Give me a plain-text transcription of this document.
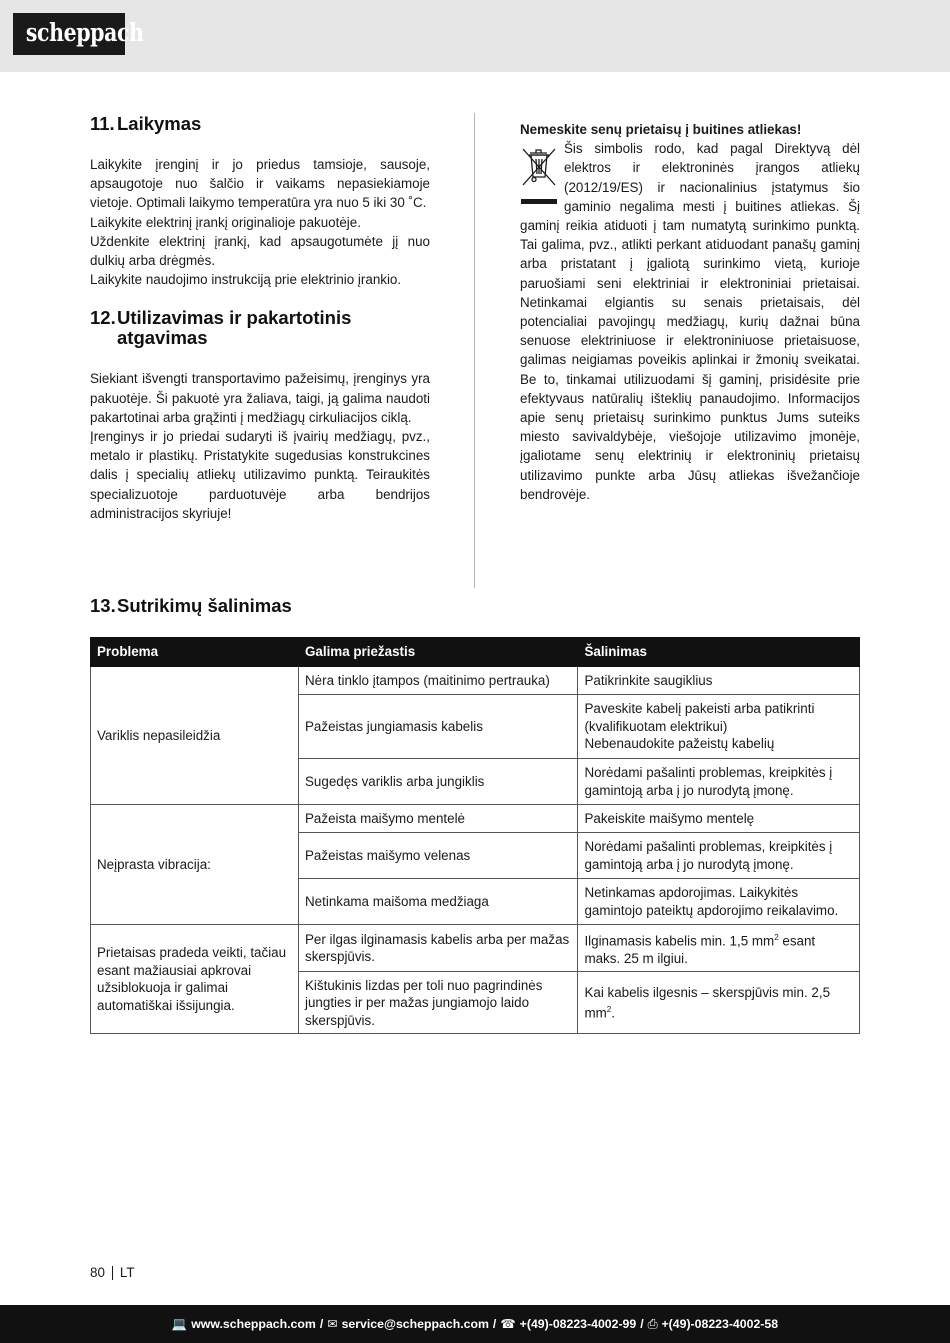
scheppach
11. Laikymas

Laikykite įrenginį ir jo priedus tamsioje, sausoje, apsaugotoje nuo šalčio ir vaikams nepasiekiamoje vietoje. Optimali laikymo temperatūra yra nuo 5 iki 30 ˚C.

Laikykite elektrinį įrankį originalioje pakuotėje.

Uždenkite elektrinį įrankį, kad apsaugotumėte jį nuo dulkių arba drėgmės.

Laikykite naudojimo instrukciją prie elektrinio įrankio.

12. Utilizavimas ir pakartotinis atgavimas

Siekiant išvengti transportavimo pažeisimų, įrenginys yra pakuotėje. Ši pakuotė yra žaliava, taigi, ją galima naudoti pakartotinai arba grąžinti į medžiagų cirkuliacijos ciklą.

Įrenginys ir jo priedai sudaryti iš įvairių medžiagų, pvz., metalo ir plastikų. Pristatykite sugedusias konstrukcines dalis į specialių atliekų utilizavimo punktą. Teiraukitės specializuotoje parduotuvėje arba bendrijos administracijos skyriuje!

Nemeskite senų prietaisų į buitines atliekas!

Šis simbolis rodo, kad pagal Direktyvą dėl elektros ir elektroninės įrangos atliekų (2012/19/ES) ir nacionalinius įstatymus šio gaminio negalima mesti į buitines atliekas. Šį gaminį reikia atiduoti į tam numatytą surinkimo punktą. Tai galima, pvz., atlikti perkant atiduodant panašų gaminį arba pristatant į įgaliotą surinkimo vietą, kurioje paruošiami seni elektriniai ir elektroniniai prietaisai. Netinkamai elgiantis su senais prietaisais, dėl potencialiai pavojingų medžiagų, kurių dažnai būna senuose elektriniuose ir elektroniniuose prietaisuose, galimas neigiamas poveikis aplinkai ir žmonių sveikatai. Be to, tinkamai utilizuodami šį gaminį, prisidėsite prie efektyvaus natūralių išteklių panaudojimo. Informacijos apie senų prietaisų surinkimo punktus Jums suteiks miesto savivaldybėje, viešojoje utilizavimo įmonėje, įgaliotame senų elektrinių ir elektroninių prietaisų utilizavimo punkte arba Jūsų atliekas išvežančioje bendrovėje.

13. Sutrikimų šalinimas
Problema	Galima priežastis	Šalinimas
Variklis nepasileidžia	Nėra tinklo įtampos (maitinimo pertrauka)	Patikrinkite saugiklius
	Pažeistas jungiamasis kabelis	Paveskite kabelį pakeisti arba patikrinti (kvalifikuotam elektrikui)
Nebenaudokite pažeistų kabelių
	Sugedęs variklis arba jungiklis	Norėdami pašalinti problemas, kreipkitės į gamintoją arba į jo nurodytą įmonę.
Neįprasta vibracija:	Pažeista maišymo mentelė	Pakeiskite maišymo mentelę
	Pažeistas maišymo velenas	Norėdami pašalinti problemas, kreipkitės į gamintoją arba į jo nurodytą įmonę.
	Netinkama maišoma medžiaga	Netinkamas apdorojimas. Laikykitės gamintojo pateiktų apdorojimo reikalavimo.
Prietaisas pradeda veikti, tačiau esant mažiausiai apkrovai užsiblokuoja ir galimai automatiškai išsijungia.	Per ilgas ilginamasis kabelis arba per mažas skerspjūvis.	Ilginamasis kabelis min. 1,5 $mm^2$ esant maks. 25 m ilgiui.
	Kištukinis lizdas per toli nuo pagrindinės jungties ir per mažas jungiamojo laido skerspjūvis.	Kai kabelis ilgesnis – skerspjūvis min. 2,5 $mm^2$.
80 LT
💻 www.scheppach.com / ✉ service@scheppach.com / ☎ +(49)-08223-4002-99 / ⎙ +(49)-08223-4002-58
